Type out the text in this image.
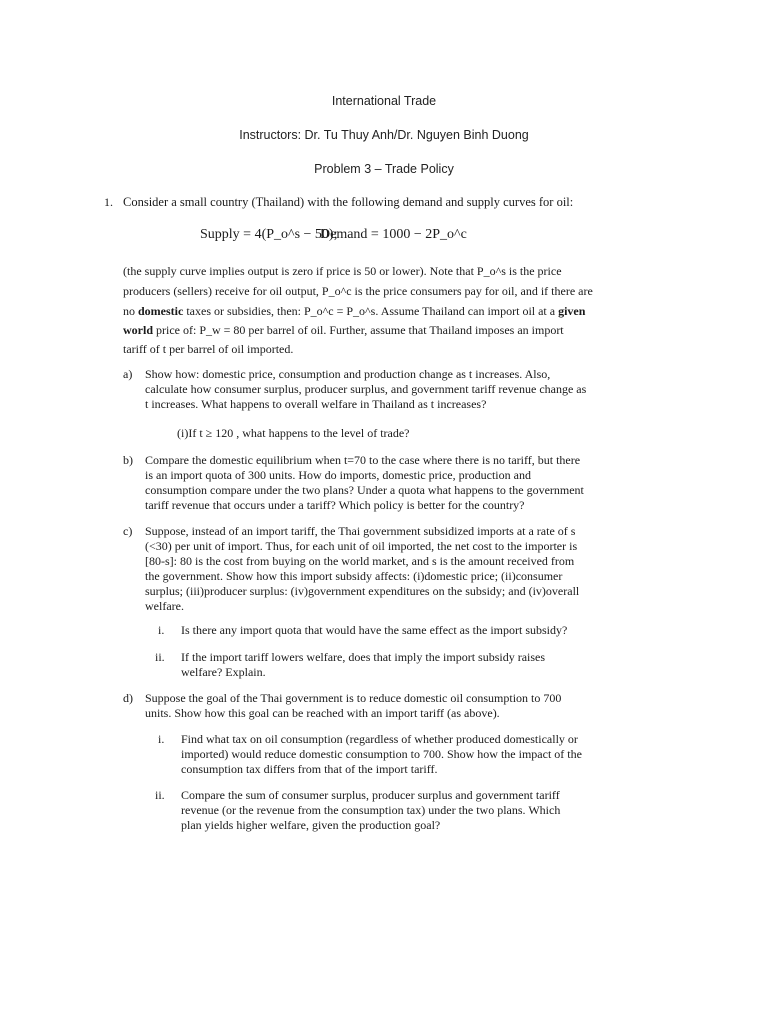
International Trade
Instructors: Dr. Tu Thuy Anh/Dr. Nguyen Binh Duong
Problem 3 – Trade Policy
1. Consider a small country (Thailand) with the following demand and supply curves for oil:
Supply = 4(P_o^s − 50);
Demand = 1000 − 2P_o^c
(the supply curve implies output is zero if price is 50 or lower). Note that P_o^s is the price
producers (sellers) receive for oil output, P_o^c is the price consumers pay for oil, and if there are
no domestic taxes or subsidies, then: P_o^c = P_o^s. Assume Thailand can import oil at a given
world price of: P_w = 80 per barrel of oil. Further, assume that Thailand imposes an import
tariff of t per barrel of oil imported.
a) Show how: domestic price, consumption and production change as t increases. Also,
calculate how consumer surplus, producer surplus, and government tariff revenue change as
t increases. What happens to overall welfare in Thailand as t increases?
(i)If t ≥ 120 , what happens to the level of trade?
b) Compare the domestic equilibrium when t=70 to the case where there is no tariff, but there
is an import quota of 300 units. How do imports, domestic price, production and
consumption compare under the two plans? Under a quota what happens to the government
tariff revenue that occurs under a tariff? Which policy is better for the country?
c) Suppose, instead of an import tariff, the Thai government subsidized imports at a rate of s
(<30) per unit of import. Thus, for each unit of oil imported, the net cost to the importer is
[80-s]: 80 is the cost from buying on the world market, and s is the amount received from
the government. Show how this import subsidy affects: (i)domestic price; (ii)consumer
surplus; (iii)producer surplus: (iv)government expenditures on the subsidy; and (iv)overall
welfare.
i. Is there any import quota that would have the same effect as the import subsidy?
ii. If the import tariff lowers welfare, does that imply the import subsidy raises
welfare? Explain.
d) Suppose the goal of the Thai government is to reduce domestic oil consumption to 700
units. Show how this goal can be reached with an import tariff (as above).
i. Find what tax on oil consumption (regardless of whether produced domestically or
imported) would reduce domestic consumption to 700. Show how the impact of the
consumption tax differs from that of the import tariff.
ii. Compare the sum of consumer surplus, producer surplus and government tariff
revenue (or the revenue from the consumption tax) under the two plans. Which
plan yields higher welfare, given the production goal?
